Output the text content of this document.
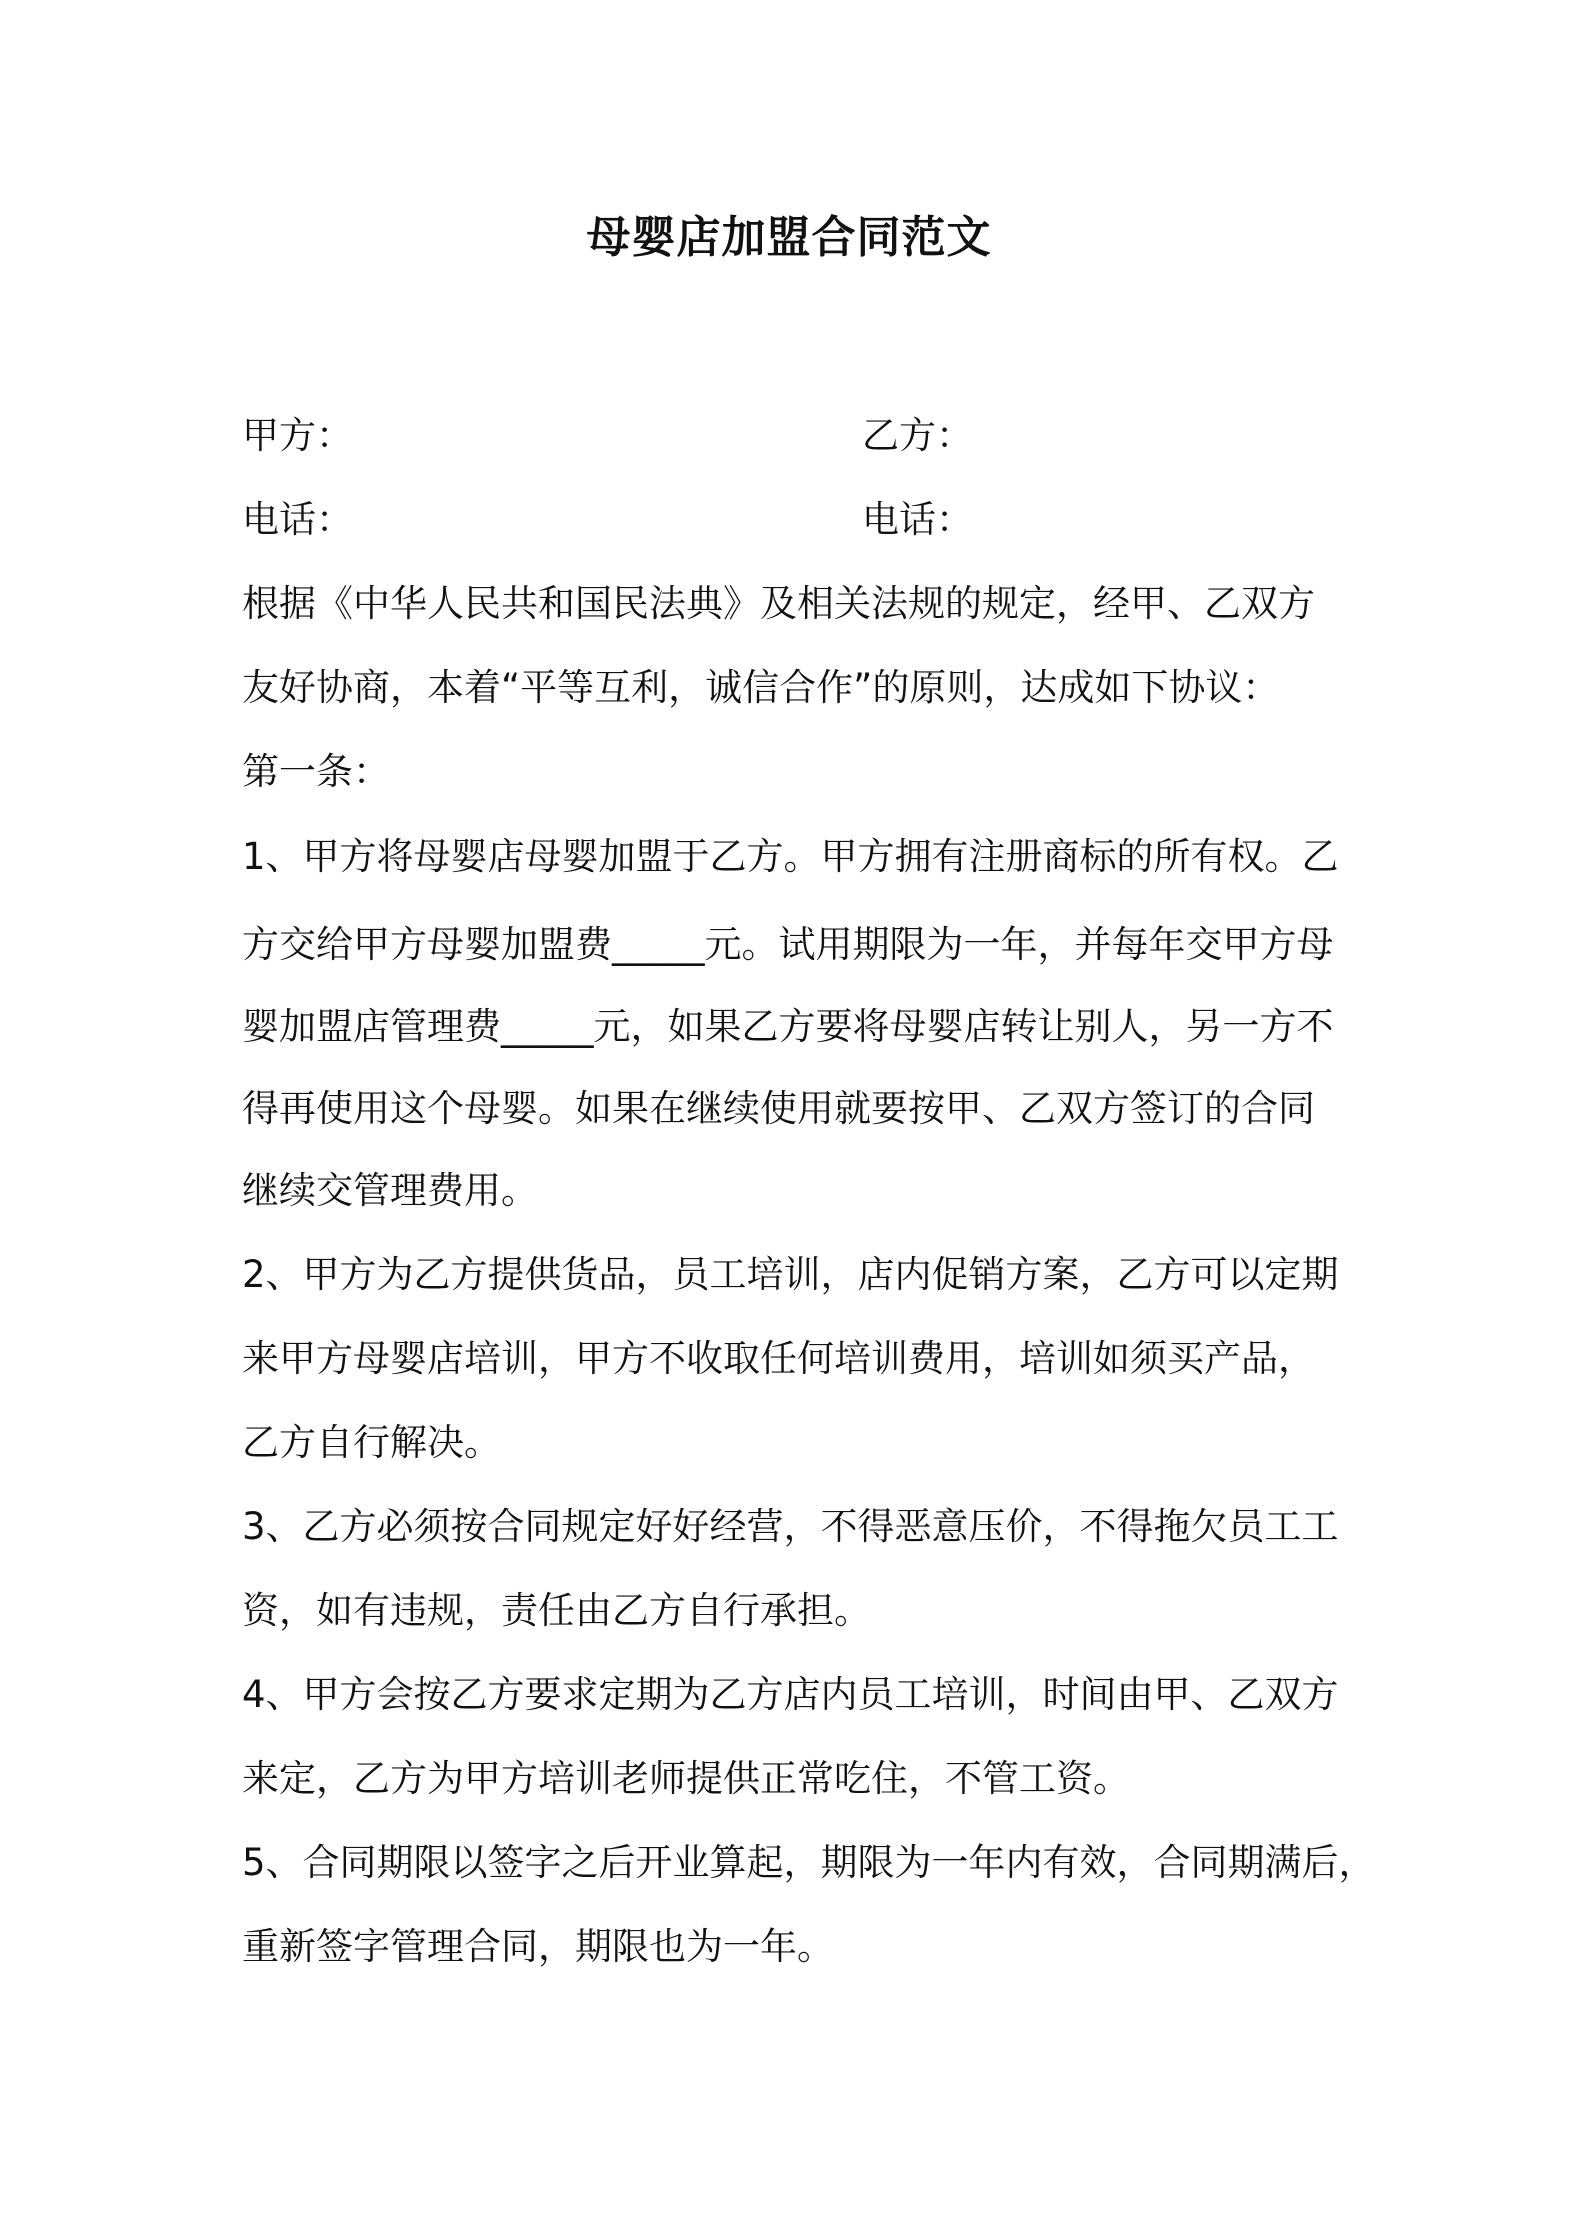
母婴店加盟合同范文
甲方：	乙方：
电话：	电话：
根据《中华人民共和国民法典》及相关法规的规定，经甲、乙双方
友好协商，本着“平等互利，诚信合作”的原则，达成如下协议：
第一条：
1、甲方将母婴店母婴加盟于乙方。甲方拥有注册商标的所有权。乙
方交给甲方母婴加盟费_____元。试用期限为一年，并每年交甲方母
婴加盟店管理费_____元，如果乙方要将母婴店转让别人，另一方不
得再使用这个母婴。如果在继续使用就要按甲、乙双方签订的合同
继续交管理费用。
2、甲方为乙方提供货品，员工培训，店内促销方案，乙方可以定期
来甲方母婴店培训，甲方不收取任何培训费用，培训如须买产品，
乙方自行解决。
3、乙方必须按合同规定好好经营，不得恶意压价，不得拖欠员工工
资，如有违规，责任由乙方自行承担。
4、甲方会按乙方要求定期为乙方店内员工培训，时间由甲、乙双方
来定，乙方为甲方培训老师提供正常吃住，不管工资。
5、合同期限以签字之后开业算起，期限为一年内有效，合同期满后，
重新签字管理合同，期限也为一年。
